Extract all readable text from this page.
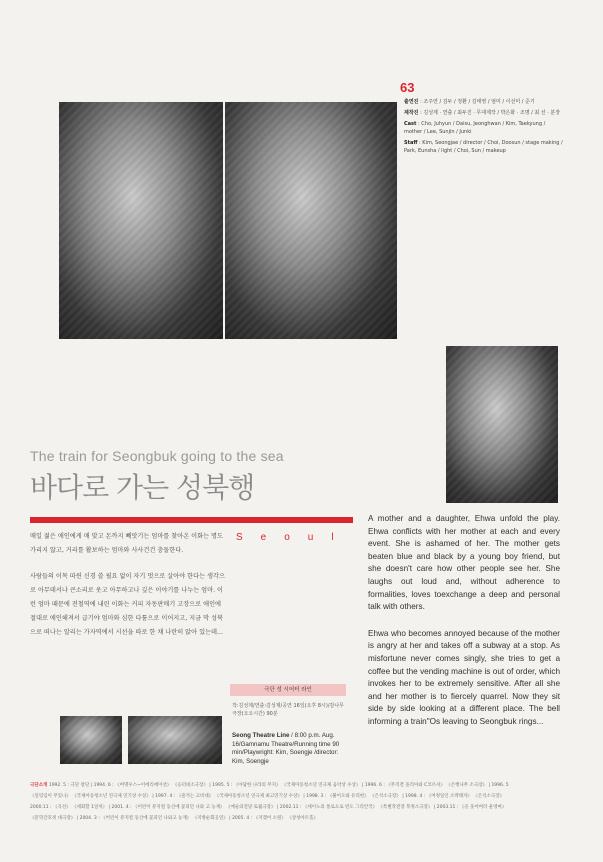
63

출연진 : 조주연 / 김두 / 정환 / 김태영 / 엄미 / 이선미 / 준기

제작진 : 김성제 · 연출 / 최두진 · 무대제작 / 박은화 · 조명 / 최 선 · 분장

Cast : Cho, Juhyun / Daisu, Jeonghwan / Kim, Taekyung / mother / Lee, Sunjin / Junki

Staff : Kim, Seongjae / director / Choi, Doosun / stage making / Park, Eunsha / light / Choi, Sun / makeup

The train for Seongbuk going to the sea
바다로 가는 성북행
Seoul

매일 젊은 애인에게 매 맞고 돈까지 빼앗기는 엄마를 찾아온 이화는 명도 가리지 않고, 거리를 활보하는 엄마와 사사건건 충돌한다.

사람들의 이목 따윈 신경 쓸 필요 없이 자기 멋으로 살아야 한다는 생각으로 아무데서나 큰소리로 웃고 아무하고나 깊은 이야기를 나누는 엄마. 이런 엄마 때문에 전철역에 내린 이화는 커피 자동판매기 고장으로 애인에 절대로 애인해져서 급기야 엄마와 심한 다툼으로 이어지고, 지금 막 성북으로 떠나는 알리는 가자역에서 시선을 따로 한 채 나란히 앉아 있는데...

A mother and a daughter, Ehwa unfold the play. Ehwa conflicts with her mother at each and every event. She is ashamed of her. The mother gets beaten blue and black by a young boy friend, but she doesn't care how other people see her. She laughs out loud and, without adherence to formalities, loves toexchange a deep and personal talk with others.

Ehwa who becomes annoyed because of the mother is angry at her and takes off a subway at a stop. As misfortune never comes singly, she tries to get a coffee but the vending machine is out of order, which invokes her to be extremely sensitive. After all she and her mother is to fiercely quarrel. Now they sit side by side looking at a different place. The bell informing a train"Os leaving to Seongbuk rings...

극단 성 시어터 라인
작:김성제/연출:김성제/공연 16일(오후 8시)/감나무 극장(오오시간) 90분
Seong Theatre Line / 8:00 p.m. Aug. 16/Gamnamu Theatre/Running time 90 min/Playwright: Kim, Soengje /director: Kim, Soengje
극단소개 1992. 5 : 극단 창단 | 1994. 6 : 《여명우스~이에리에이션》 《응터네소극장》 | 1995. 5 : 《아담한 나라의 무지》 《국제아동청소년 연극제 음악상 수상》 | 1996. 6 : 《무직결 올리아와 C코르셔》 《은행나무 소극장》 | 1996. 5
《일렁임이 무있나》 《국제아동청소년 연극제 연기상 수상》 | 1997. 4 : 《즐겨는 고비대》 《국제아동청소년 연극제 최고연기상 수상》 | 1998. 3 : 《붉어오와 유리현》 《은석소극장》 | 1998. 4 : 《여정일인 소박태자》 《은석소극장》
2000.11 : 《곡선》 《세화할 1일처》 | 2001. 4 : 《어린이 뮤지컬 동산에 꽃피던 나와 고 농재》 《예술의전당 토월극장》 | 2002.11 : 《세이노의 통로으로 빈도 그리안국》 《특별작전장 복정소극장》 | 2003.11 : 《골 웃어버러 운영마》
《문학간호정 대극장》 | 2004. 3 : 《어린이 뮤지컬 동산에 꽃피던 나와고 농재》 《지방순회공연》 | 2005. 4 : 《지겠어 소원》 《상성아트홀》
